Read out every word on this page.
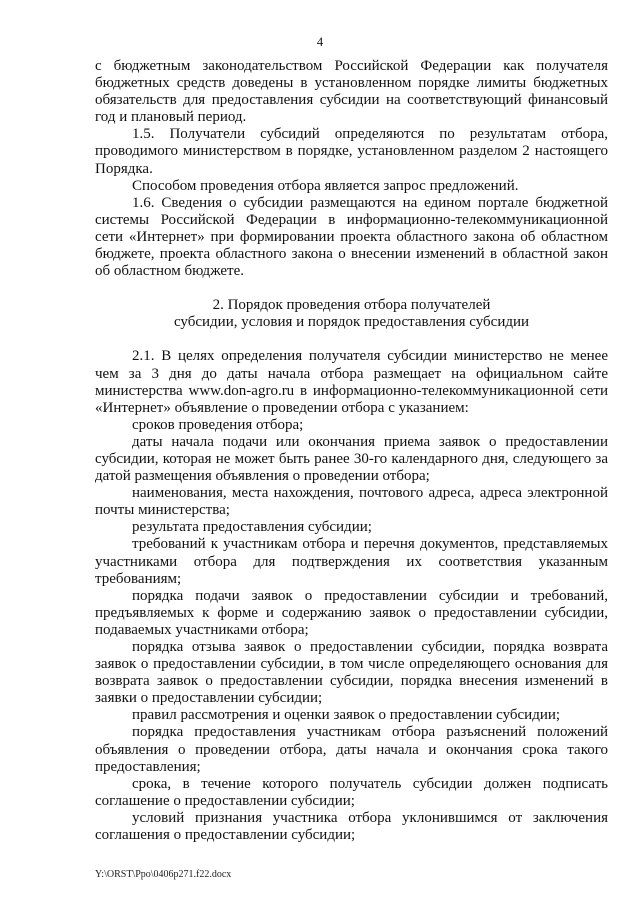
4

с бюджетным законодательством Российской Федерации как получателя бюджетных средств доведены в установленном порядке лимиты бюджетных обязательств для предоставления субсидии на соответствующий финансовый год и плановый период.

1.5. Получатели субсидий определяются по результатам отбора, проводимого министерством в порядке, установленном разделом 2 настоящего Порядка.

Способом проведения отбора является запрос предложений.

1.6. Сведения о субсидии размещаются на едином портале бюджетной системы Российской Федерации в информационно-телекоммуникационной сети «Интернет» при формировании проекта областного закона об областном бюджете, проекта областного закона о внесении изменений в областной закон об областном бюджете.

2. Порядок проведения отбора получателей
субсидии, условия и порядок предоставления субсидии

2.1. В целях определения получателя субсидии министерство не менее чем за 3 дня до даты начала отбора размещает на официальном сайте министерства www.don-agro.ru в информационно-телекоммуникационной сети «Интернет» объявление о проведении отбора с указанием:

сроков проведения отбора;

даты начала подачи или окончания приема заявок о предоставлении субсидии, которая не может быть ранее 30-го календарного дня, следующего за датой размещения объявления о проведении отбора;

наименования, места нахождения, почтового адреса, адреса электронной почты министерства;

результата предоставления субсидии;

требований к участникам отбора и перечня документов, представляемых участниками отбора для подтверждения их соответствия указанным требованиям;

порядка подачи заявок о предоставлении субсидии и требований, предъявляемых к форме и содержанию заявок о предоставлении субсидии, подаваемых участниками отбора;

порядка отзыва заявок о предоставлении субсидии, порядка возврата заявок о предоставлении субсидии, в том числе определяющего основания для возврата заявок о предоставлении субсидии, порядка внесения изменений в заявки о предоставлении субсидии;

правил рассмотрения и оценки заявок о предоставлении субсидии;

порядка предоставления участникам отбора разъяснений положений объявления о проведении отбора, даты начала и окончания срока такого предоставления;

срока, в течение которого получатель субсидии должен подписать соглашение о предоставлении субсидии;

условий признания участника отбора уклонившимся от заключения соглашения о предоставлении субсидии;

Y:\ORST\Ppo\0406p271.f22.docx
